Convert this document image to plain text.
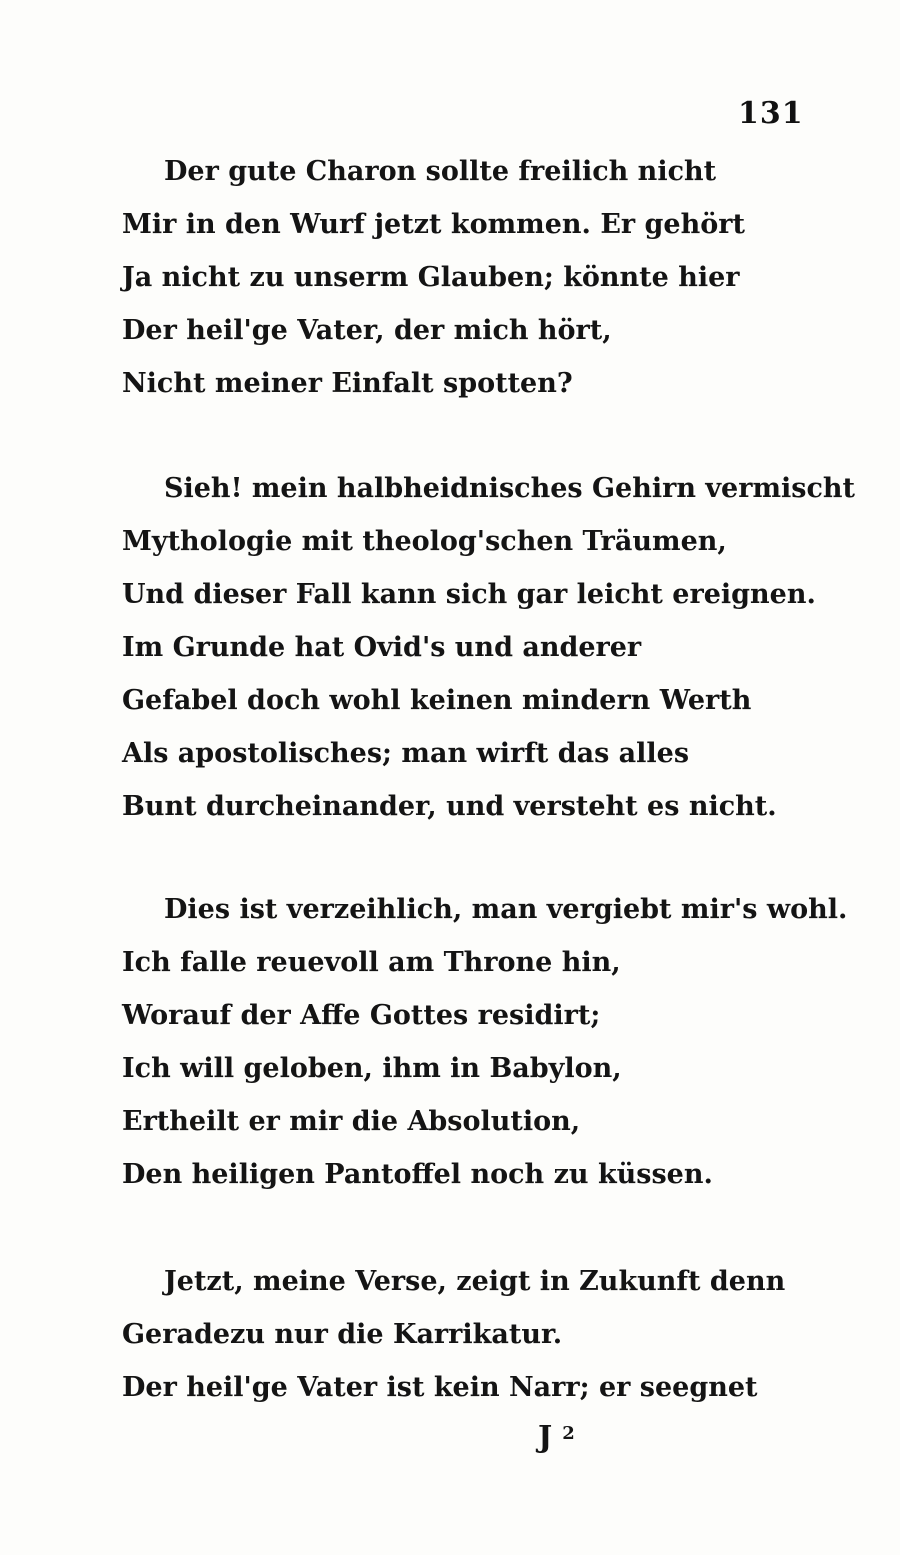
131
Der gute Charon sollte freilich nicht
Mir in den Wurf jetzt kommen. Er gehört
Ja nicht zu unserm Glauben; könnte hier
Der heil'ge Vater, der mich hört,
Nicht meiner Einfalt spotten?
Sieh! mein halbheidnisches Gehirn vermischt
Mythologie mit theolog'schen Träumen,
Und dieser Fall kann sich gar leicht ereignen.
Im Grunde hat Ovid's und anderer
Gefabel doch wohl keinen mindern Werth
Als apostolisches; man wirft das alles
Bunt durcheinander, und versteht es nicht.
Dies ist verzeihlich, man vergiebt mir's wohl.
Ich falle reuevoll am Throne hin,
Worauf der Affe Gottes residirt;
Ich will geloben, ihm in Babylon,
Ertheilt er mir die Absolution,
Den heiligen Pantoffel noch zu küssen.
Jetzt, meine Verse, zeigt in Zukunft denn
Geradezu nur die Karrikatur.
Der heil'ge Vater ist kein Narr; er seegnet
J $^2$
